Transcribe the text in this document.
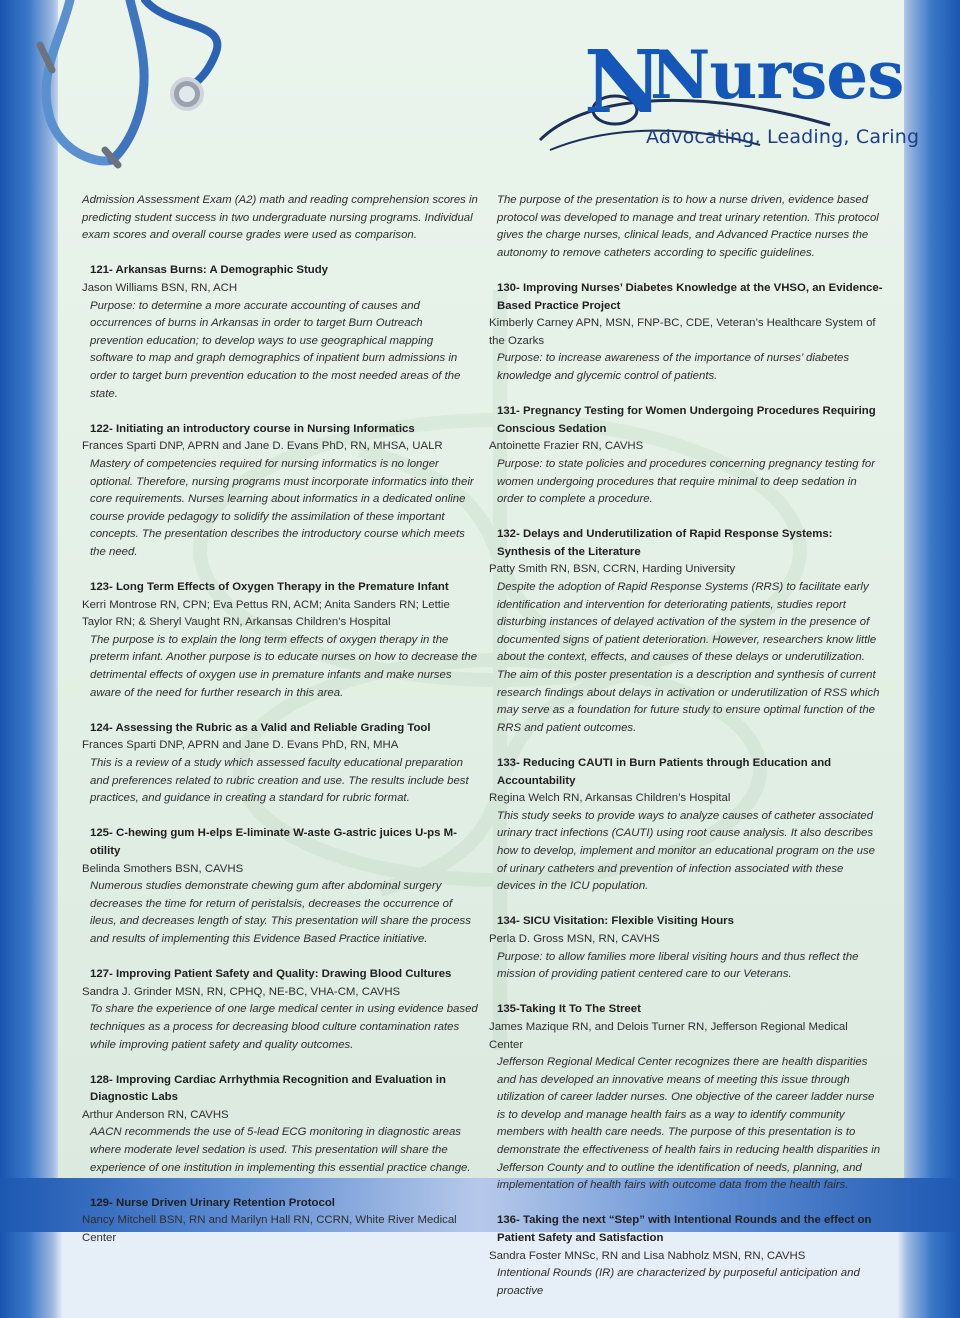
N
Nurses
Advocating, Leading, Caring
Admission Assessment Exam (A2) math and reading comprehension scores in predicting student success in two undergraduate nursing programs. Individual exam scores and overall course grades were used as comparison.
121- Arkansas Burns: A Demographic Study
Jason Williams BSN, RN, ACH
Purpose: to determine a more accurate accounting of causes and occurrences of burns in Arkansas in order to target Burn Outreach prevention education; to develop ways to use geographical mapping software to map and graph demographics of inpatient burn admissions in order to target burn prevention education to the most needed areas of the state.
122- Initiating an introductory course in Nursing Informatics
Frances Sparti DNP, APRN and Jane D. Evans PhD, RN, MHSA, UALR
Mastery of competencies required for nursing informatics is no longer optional. Therefore, nursing programs must incorporate informatics into their core requirements. Nurses learning about informatics in a dedicated online course provide pedagogy to solidify the assimilation of these important concepts. The presentation describes the introductory course which meets the need.
123- Long Term Effects of Oxygen Therapy in the Premature Infant
Kerri Montrose RN, CPN; Eva Pettus RN, ACM; Anita Sanders RN; Lettie Taylor RN; & Sheryl Vaught RN, Arkansas Children’s Hospital
The purpose is to explain the long term effects of oxygen therapy in the preterm infant. Another purpose is to educate nurses on how to decrease the detrimental effects of oxygen use in premature infants and make nurses aware of the need for further research in this area.
124- Assessing the Rubric as a Valid and Reliable Grading Tool
Frances Sparti DNP, APRN and Jane D. Evans PhD, RN, MHA
This is a review of a study which assessed faculty educational preparation and preferences related to rubric creation and use. The results include best practices, and guidance in creating a standard for rubric format.
125- C-hewing gum H-elps E-liminate W-aste G-astric juices U-ps M-otility
Belinda Smothers BSN, CAVHS
Numerous studies demonstrate chewing gum after abdominal surgery decreases the time for return of peristalsis, decreases the occurrence of ileus, and decreases length of stay. This presentation will share the process and results of implementing this Evidence Based Practice initiative.
127- Improving Patient Safety and Quality: Drawing Blood Cultures
Sandra J. Grinder MSN, RN, CPHQ, NE-BC, VHA-CM, CAVHS
To share the experience of one large medical center in using evidence based techniques as a process for decreasing blood culture contamination rates while improving patient safety and quality outcomes.
128- Improving Cardiac Arrhythmia Recognition and Evaluation in Diagnostic Labs
Arthur Anderson RN, CAVHS
AACN recommends the use of 5-lead ECG monitoring in diagnostic areas where moderate level sedation is used. This presentation will share the experience of one institution in implementing this essential practice change.
129- Nurse Driven Urinary Retention Protocol
Nancy Mitchell BSN, RN and Marilyn Hall RN, CCRN, White River Medical Center
The purpose of the presentation is to how a nurse driven, evidence based protocol was developed to manage and treat urinary retention. This protocol gives the charge nurses, clinical leads, and Advanced Practice nurses the autonomy to remove catheters according to specific guidelines.
130- Improving Nurses’ Diabetes Knowledge at the VHSO, an Evidence-Based Practice Project
Kimberly Carney APN, MSN, FNP-BC, CDE, Veteran’s Healthcare System of the Ozarks
Purpose: to increase awareness of the importance of nurses’ diabetes knowledge and glycemic control of patients.
131- Pregnancy Testing for Women Undergoing Procedures Requiring Conscious Sedation
Antoinette Frazier RN, CAVHS
Purpose: to state policies and procedures concerning pregnancy testing for women undergoing procedures that require minimal to deep sedation in order to complete a procedure.
132- Delays and Underutilization of Rapid Response Systems: Synthesis of the Literature
Patty Smith RN, BSN, CCRN, Harding University
Despite the adoption of Rapid Response Systems (RRS) to facilitate early identification and intervention for deteriorating patients, studies report disturbing instances of delayed activation of the system in the presence of documented signs of patient deterioration. However, researchers know little about the context, effects, and causes of these delays or underutilization. The aim of this poster presentation is a description and synthesis of current research findings about delays in activation or underutilization of RSS which may serve as a foundation for future study to ensure optimal function of the RRS and patient outcomes.
133- Reducing CAUTI in Burn Patients through Education and Accountability
Regina Welch RN, Arkansas Children’s Hospital
This study seeks to provide ways to analyze causes of catheter associated urinary tract infections (CAUTI) using root cause analysis. It also describes how to develop, implement and monitor an educational program on the use of urinary catheters and prevention of infection associated with these devices in the ICU population.
134- SICU Visitation: Flexible Visiting Hours
Perla D. Gross MSN, RN, CAVHS
Purpose: to allow families more liberal visiting hours and thus reflect the mission of providing patient centered care to our Veterans.
135-Taking It To The Street
James Mazique RN, and Delois Turner RN, Jefferson Regional Medical Center
Jefferson Regional Medical Center recognizes there are health disparities and has developed an innovative means of meeting this issue through utilization of career ladder nurses. One objective of the career ladder nurse is to develop and manage health fairs as a way to identify community members with health care needs. The purpose of this presentation is to demonstrate the effectiveness of health fairs in reducing health disparities in Jefferson County and to outline the identification of needs, planning, and implementation of health fairs with outcome data from the health fairs.
136- Taking the next “Step” with Intentional Rounds and the effect on Patient Safety and Satisfaction
Sandra Foster MNSc, RN and Lisa Nabholz MSN, RN, CAVHS
Intentional Rounds (IR) are characterized by purposeful anticipation and proactive
